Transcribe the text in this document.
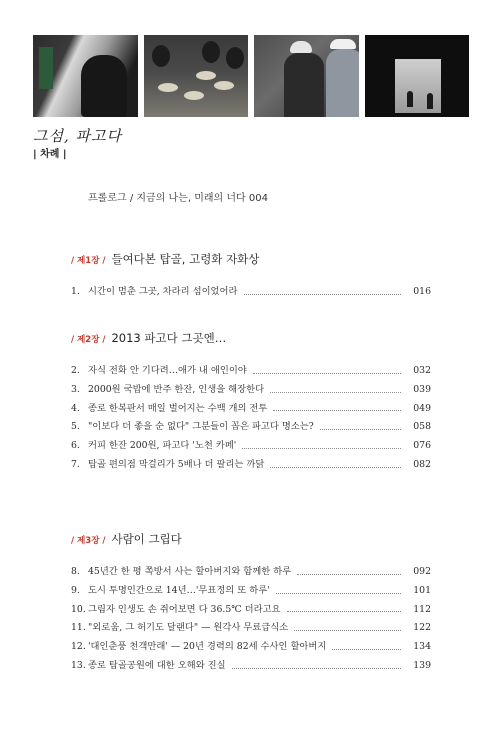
그섬, 파고다
| 차례 |
프롤로그 / 지금의 나는, 미래의 너다 004
/ 제1장 / 들여다본 탑골, 고령화 자화상
1. 시간이 멈춘 그곳, 차라리 섬이었어라	016
/ 제2장 / 2013 파고다 그곳엔…
2. 자식 전화 안 기다려…애가 내 애인이야	032
3. 2000원 국밥에 반주 한잔, 인생을 해장한다	039
4. 종로 한복판서 매일 벌어지는 수백 개의 전투	049
5. "이보다 더 좋을 순 없다" 그분들이 꼽은 파고다 명소는?	058
6. 커피 한잔 200원, 파고다 '노천 카페'	076
7. 탑골 편의점 막걸리가 5배나 더 팔리는 까닭	082
/ 제3장 / 사람이 그립다
8. 45년간 한 평 쪽방서 사는 할아버지와 함께한 하루	092
9. 도시 투명인간으로 14년…'무표정의 또 하루'	101
10. 그림자 인생도 손 쥐어보면 다 36.5℃ 더라고요	112
11. "외로움, 그 허기도 달랜다" — 원각사 무료급식소	122
12. '대인춘풍 천객만래' — 20년 경력의 82세 수사인 할아버지	134
13. 종로 탑골공원에 대한 오해와 진실	139
